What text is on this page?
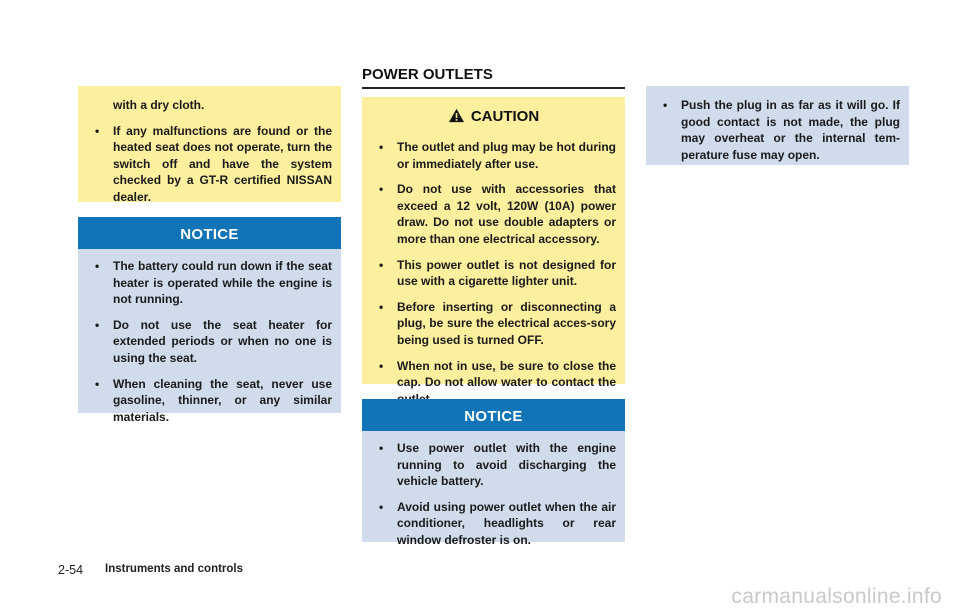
with a dry cloth.
• If any malfunctions are found or the heated seat does not operate, turn the switch off and have the system checked by a GT-R certified NISSAN dealer.
NOTICE
• The battery could run down if the seat heater is operated while the engine is not running.
• Do not use the seat heater for extended periods or when no one is using the seat.
• When cleaning the seat, never use gasoline, thinner, or any similar materials.
POWER OUTLETS
CAUTION
• The outlet and plug may be hot during or immediately after use.
• Do not use with accessories that exceed a 12 volt, 120W (10A) power draw. Do not use double adapters or more than one electrical accessory.
• This power outlet is not designed for use with a cigarette lighter unit.
• Before inserting or disconnecting a plug, be sure the electrical acces-sory being used is turned OFF.
• When not in use, be sure to close the cap. Do not allow water to contact the
NOTICE
• Use power outlet with the engine running to avoid discharging the vehicle battery.
• Avoid using power outlet when the air conditioner, headlights or rear window defroster is on.
• Push the plug in as far as it will go. If good contact is not made, the plug may overheat or the internal tem-perature fuse may open.
2-54 Instruments and controls
carmanualsonline.info
